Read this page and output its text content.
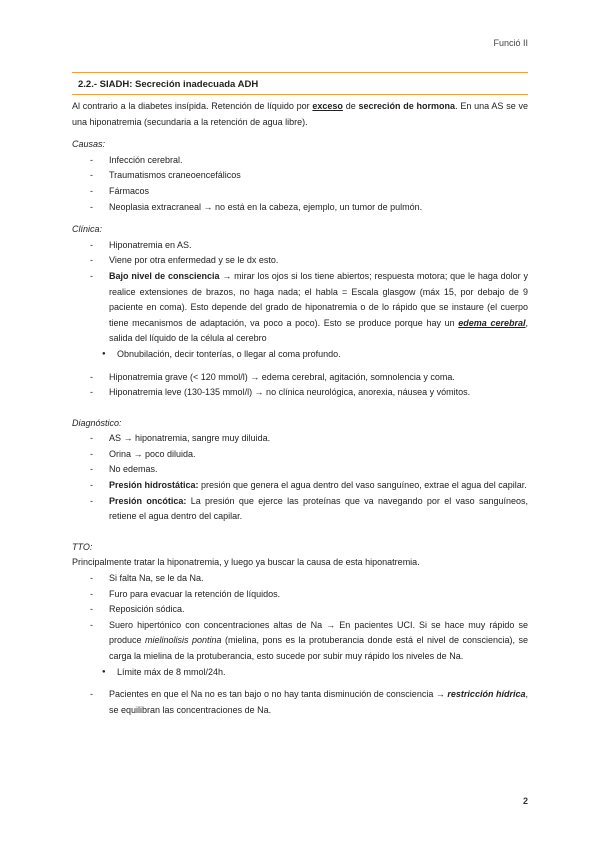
Funció II
2.2.- SIADH: Secreción inadecuada ADH

Al contrario a la diabetes insípida. Retención de líquido por exceso de secreción de hormona. En una AS se ve una hiponatremia (secundaria a la retención de agua libre).

Causas:

- Infección cerebral.
- Traumatismos craneoencefálicos
- Fármacos
- Neoplasia extracraneal → no está en la cabeza, ejemplo, un tumor de pulmón.

Clínica:

- Hiponatremia en AS.
- Viene por otra enfermedad y se le dx esto.
- Bajo nivel de consciencia → mirar los ojos si los tiene abiertos; respuesta motora; que le haga dolor y realice extensiones de brazos, no haga nada; el habla = Escala glasgow (máx 15, por debajo de 9 paciente en coma). Esto depende del grado de hiponatremia o de lo rápido que se instaure (el cuerpo tiene mecanismos de adaptación, va poco a poco). Esto se produce porque hay un edema cerebral, salida del líquido de la célula al cerebro
● Obnubilación, decir tonterías, o llegar al coma profundo.
- Hiponatremia grave (< 120 mmol/l) → edema cerebral, agitación, somnolencia y coma.
- Hiponatremia leve (130-135 mmol/l) → no clínica neurológica, anorexia, náusea y vómitos.

Diagnóstico:

- AS → hiponatremia, sangre muy diluida.
- Orina → poco diluida.
- No edemas.
- Presión hidrostática: presión que genera el agua dentro del vaso sanguíneo, extrae el agua del capilar.
- Presión oncótica: La presión que ejerce las proteínas que va navegando por el vaso sanguíneos, retiene el agua dentro del capilar.

TTO:

Principalmente tratar la hiponatremia, y luego ya buscar la causa de esta hiponatremia.

- Si falta Na, se le da Na.
- Furo para evacuar la retención de líquidos.
- Reposición sódica.
- Suero hipertónico con concentraciones altas de Na → En pacientes UCI. Si se hace muy rápido se produce mielinolisis pontina (mielina, pons es la protuberancia donde está el nivel de consciencia), se carga la mielina de la protuberancia, esto sucede por subir muy rápido los niveles de Na.
● Límite máx de 8 mmol/24h.
- Pacientes en que el Na no es tan bajo o no hay tanta disminución de consciencia → restricción hídrica, se equilibran las concentraciones de Na.
2
